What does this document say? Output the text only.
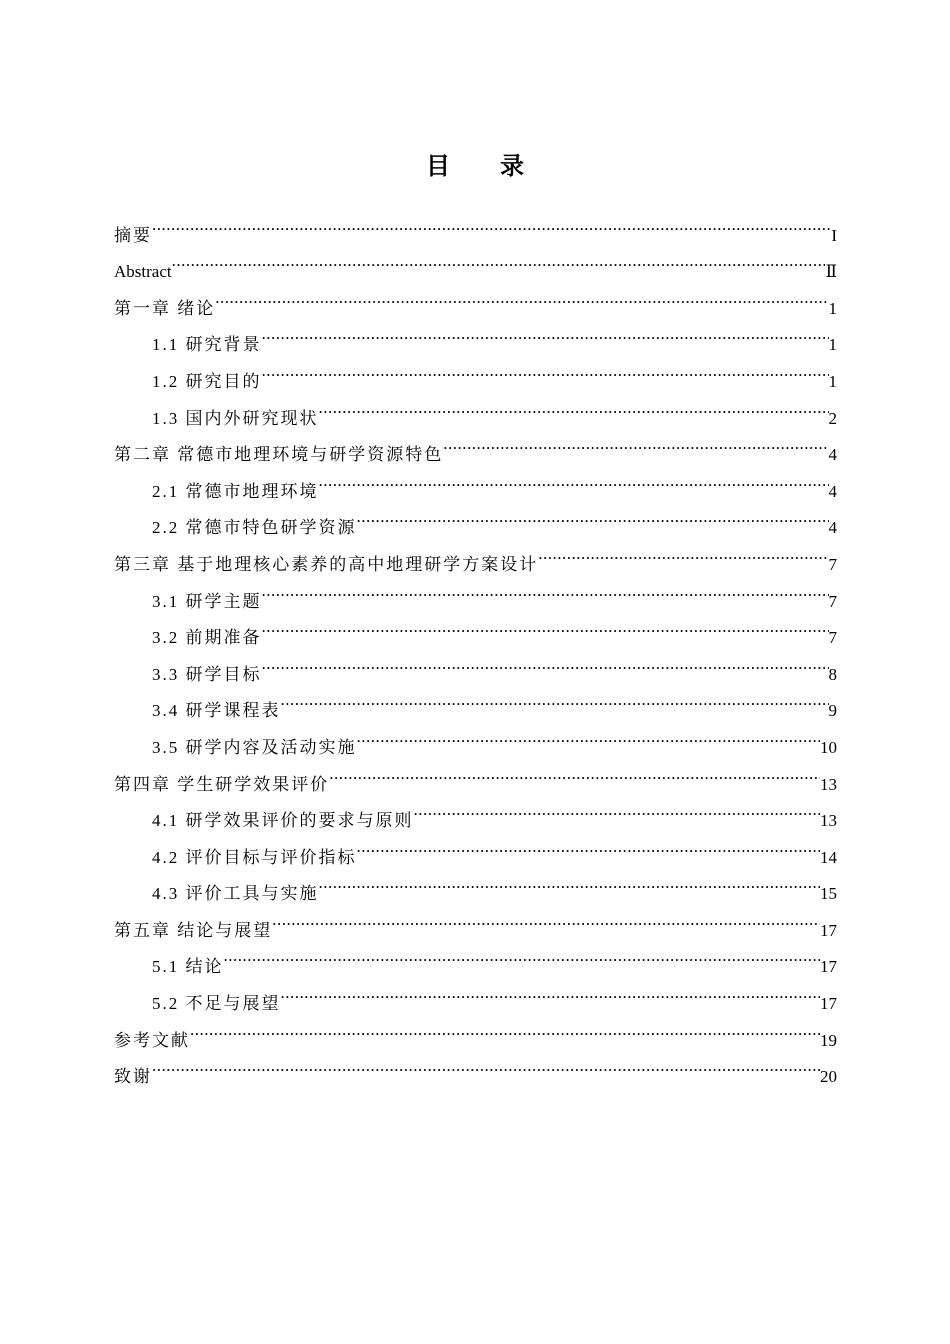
目 录
摘要 .....	I
Abstract .....	Ⅱ
第一章 绪论 .....	1
1.1 研究背景 .....	1
1.2 研究目的 .....	1
1.3 国内外研究现状 .....	2
第二章 常德市地理环境与研学资源特色 .....	4
2.1 常德市地理环境 .....	4
2.2 常德市特色研学资源 .....	4
第三章 基于地理核心素养的高中地理研学方案设计 .....	7
3.1 研学主题 .....	7
3.2 前期准备 .....	7
3.3 研学目标 .....	8
3.4 研学课程表 .....	9
3.5 研学内容及活动实施 .....	10
第四章 学生研学效果评价 .....	13
4.1 研学效果评价的要求与原则 .....	13
4.2 评价目标与评价指标 .....	14
4.3 评价工具与实施 .....	15
第五章 结论与展望 .....	17
5.1 结论 .....	17
5.2 不足与展望 .....	17
参考文献 .....	19
致谢 .....	20
